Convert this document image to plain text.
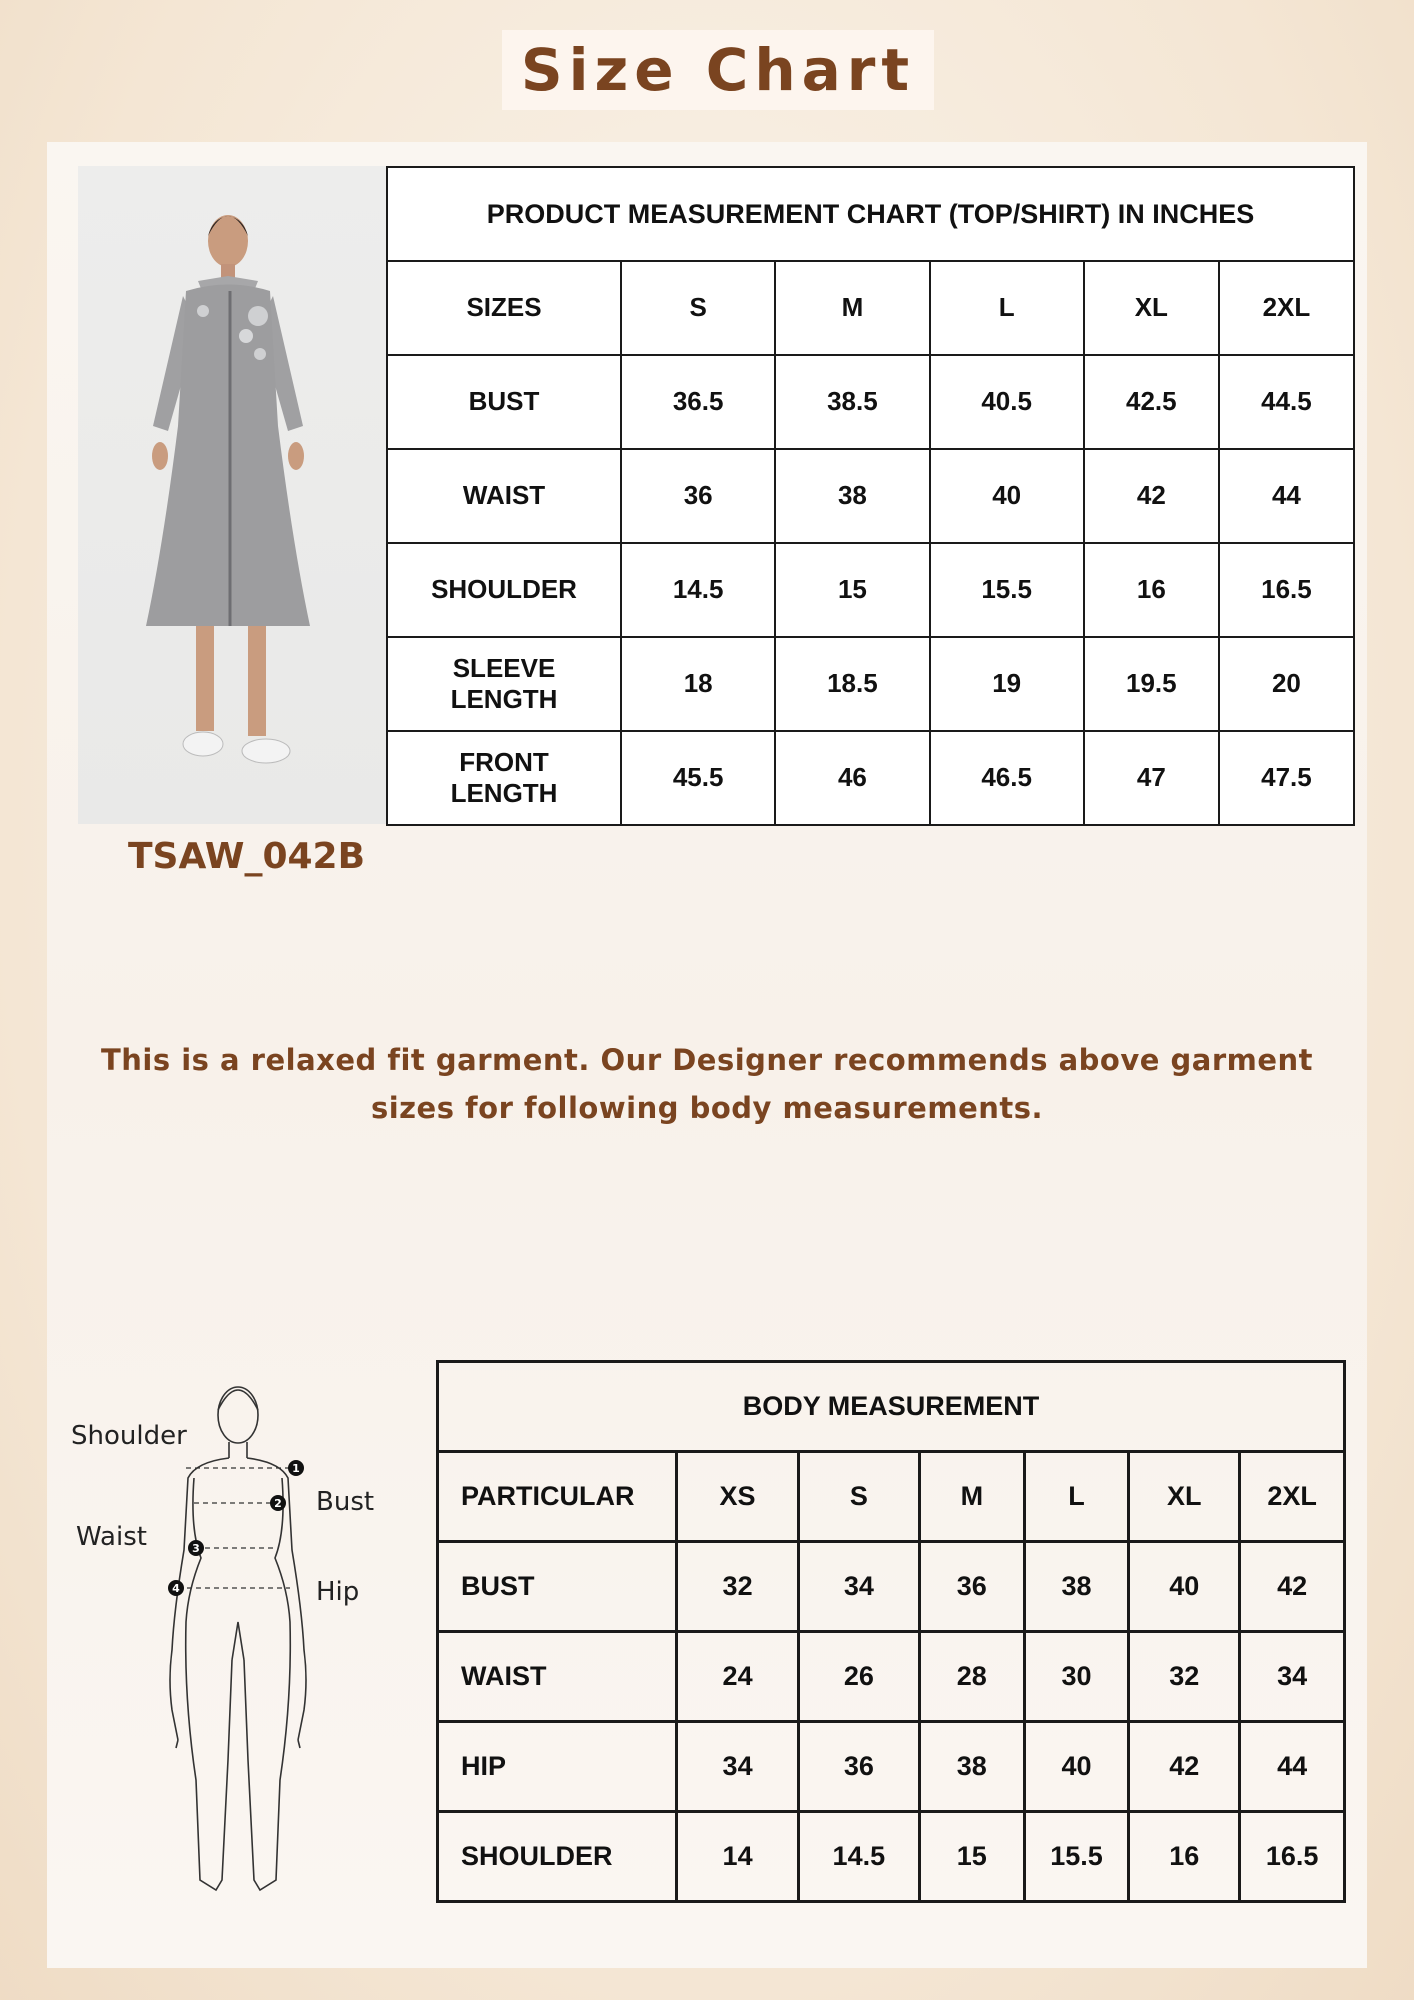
Size Chart
TSAW_042B
PRODUCT MEASUREMENT CHART (TOP/SHIRT) IN INCHES					
SIZES	S	M	L	XL	2XL
BUST	36.5	38.5	40.5	42.5	44.5
WAIST	36	38	40	42	44
SHOULDER	14.5	15	15.5	16	16.5
SLEEVE LENGTH	18	18.5	19	19.5	20
FRONT LENGTH	45.5	46	46.5	47	47.5
This is a relaxed fit garment. Our Designer recommends above garment sizes for following body measurements.
1
2
3
4
Shoulder
Bust
Waist
Hip
BODY MEASUREMENT						
PARTICULAR	XS	S	M	L	XL	2XL
BUST	32	34	36	38	40	42
WAIST	24	26	28	30	32	34
HIP	34	36	38	40	42	44
SHOULDER	14	14.5	15	15.5	16	16.5
